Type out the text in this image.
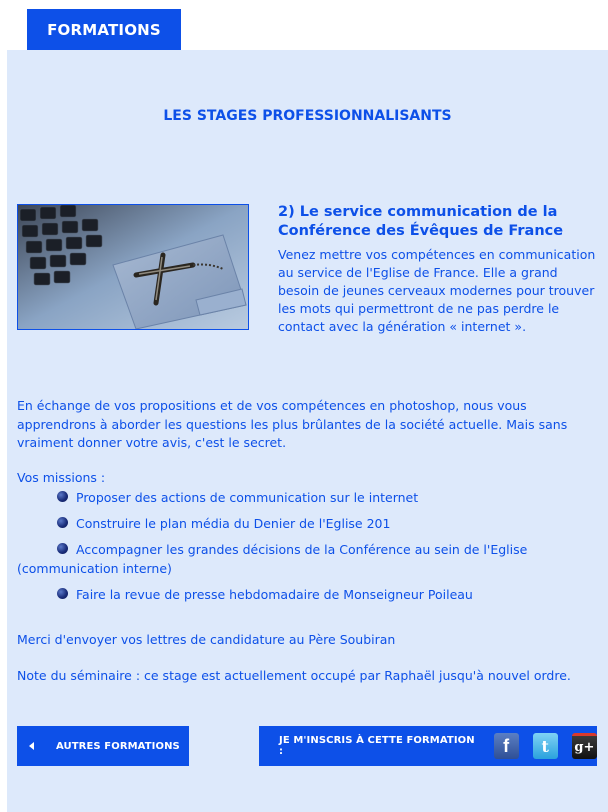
FORMATIONS
LES STAGES PROFESSIONNALISANTS
2) Le service communication de la
Conférence des Évêques de France
Venez mettre vos compétences en communication au service de l'Eglise de France. Elle a grand besoin de jeunes cerveaux modernes pour trouver les mots qui permettront de ne pas perdre le contact avec la génération « internet ».
En échange de vos propositions et de vos compétences en photoshop, nous vous apprendrons à aborder les questions les plus brûlantes de la société actuelle. Mais sans vraiment donner votre avis, c'est le secret.
Vos missions :
Proposer des actions de communication sur le internet
Construire le plan média du Denier de l'Eglise 201
Accompagner les grandes décisions de la Conférence au sein de l'Eglise (communication interne)
Faire la revue de presse hebdomadaire de Monseigneur Poileau
Merci d'envoyer vos lettres de candidature au Père Soubiran
Note du séminaire : ce stage est actuellement occupé par Raphaël jusqu'à nouvel ordre.
AUTRES FORMATIONS	JE M'INSCRIS À CETTE FORMATION :	f	t	g+
